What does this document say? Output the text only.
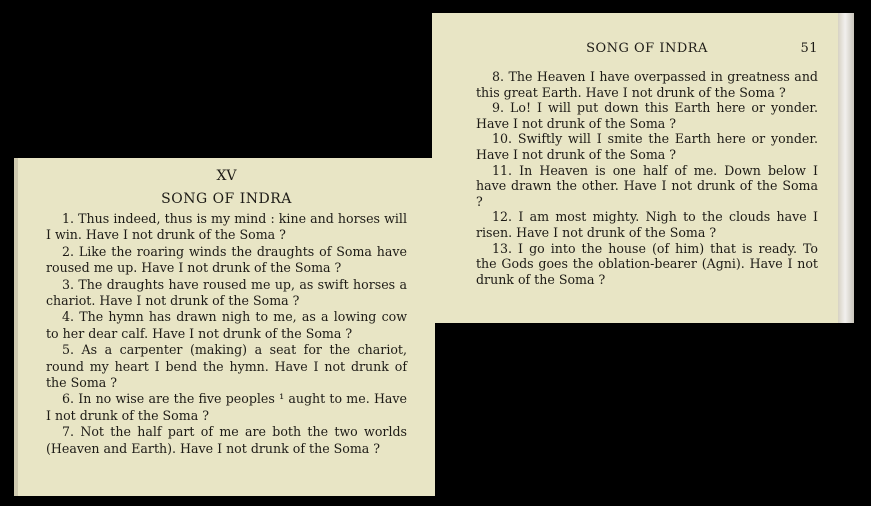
XV
SONG OF INDRA

1. Thus indeed, thus is my mind : kine and horses will I win. Have I not drunk of the Soma ?

2. Like the roaring winds the draughts of Soma have roused me up. Have I not drunk of the Soma ?

3. The draughts have roused me up, as swift horses a chariot. Have I not drunk of the Soma ?

4. The hymn has drawn nigh to me, as a lowing cow to her dear calf. Have I not drunk of the Soma ?

5. As a carpenter (making) a seat for the chariot, round my heart I bend the hymn. Have I not drunk of the Soma ?

6. In no wise are the five peoples ¹ aught to me. Have I not drunk of the Soma ?

7. Not the half part of me are both the two worlds (Heaven and Earth). Have I not drunk of the Soma ?

SONG OF INDRA	51

8. The Heaven I have overpassed in greatness and this great Earth. Have I not drunk of the Soma ?

9. Lo! I will put down this Earth here or yonder. Have I not drunk of the Soma ?

10. Swiftly will I smite the Earth here or yonder. Have I not drunk of the Soma ?

11. In Heaven is one half of me. Down below I have drawn the other. Have I not drunk of the Soma ?

12. I am most mighty. Nigh to the clouds have I risen. Have I not drunk of the Soma ?

13. I go into the house (of him) that is ready. To the Gods goes the oblation-bearer (Agni). Have I not drunk of the Soma ?
